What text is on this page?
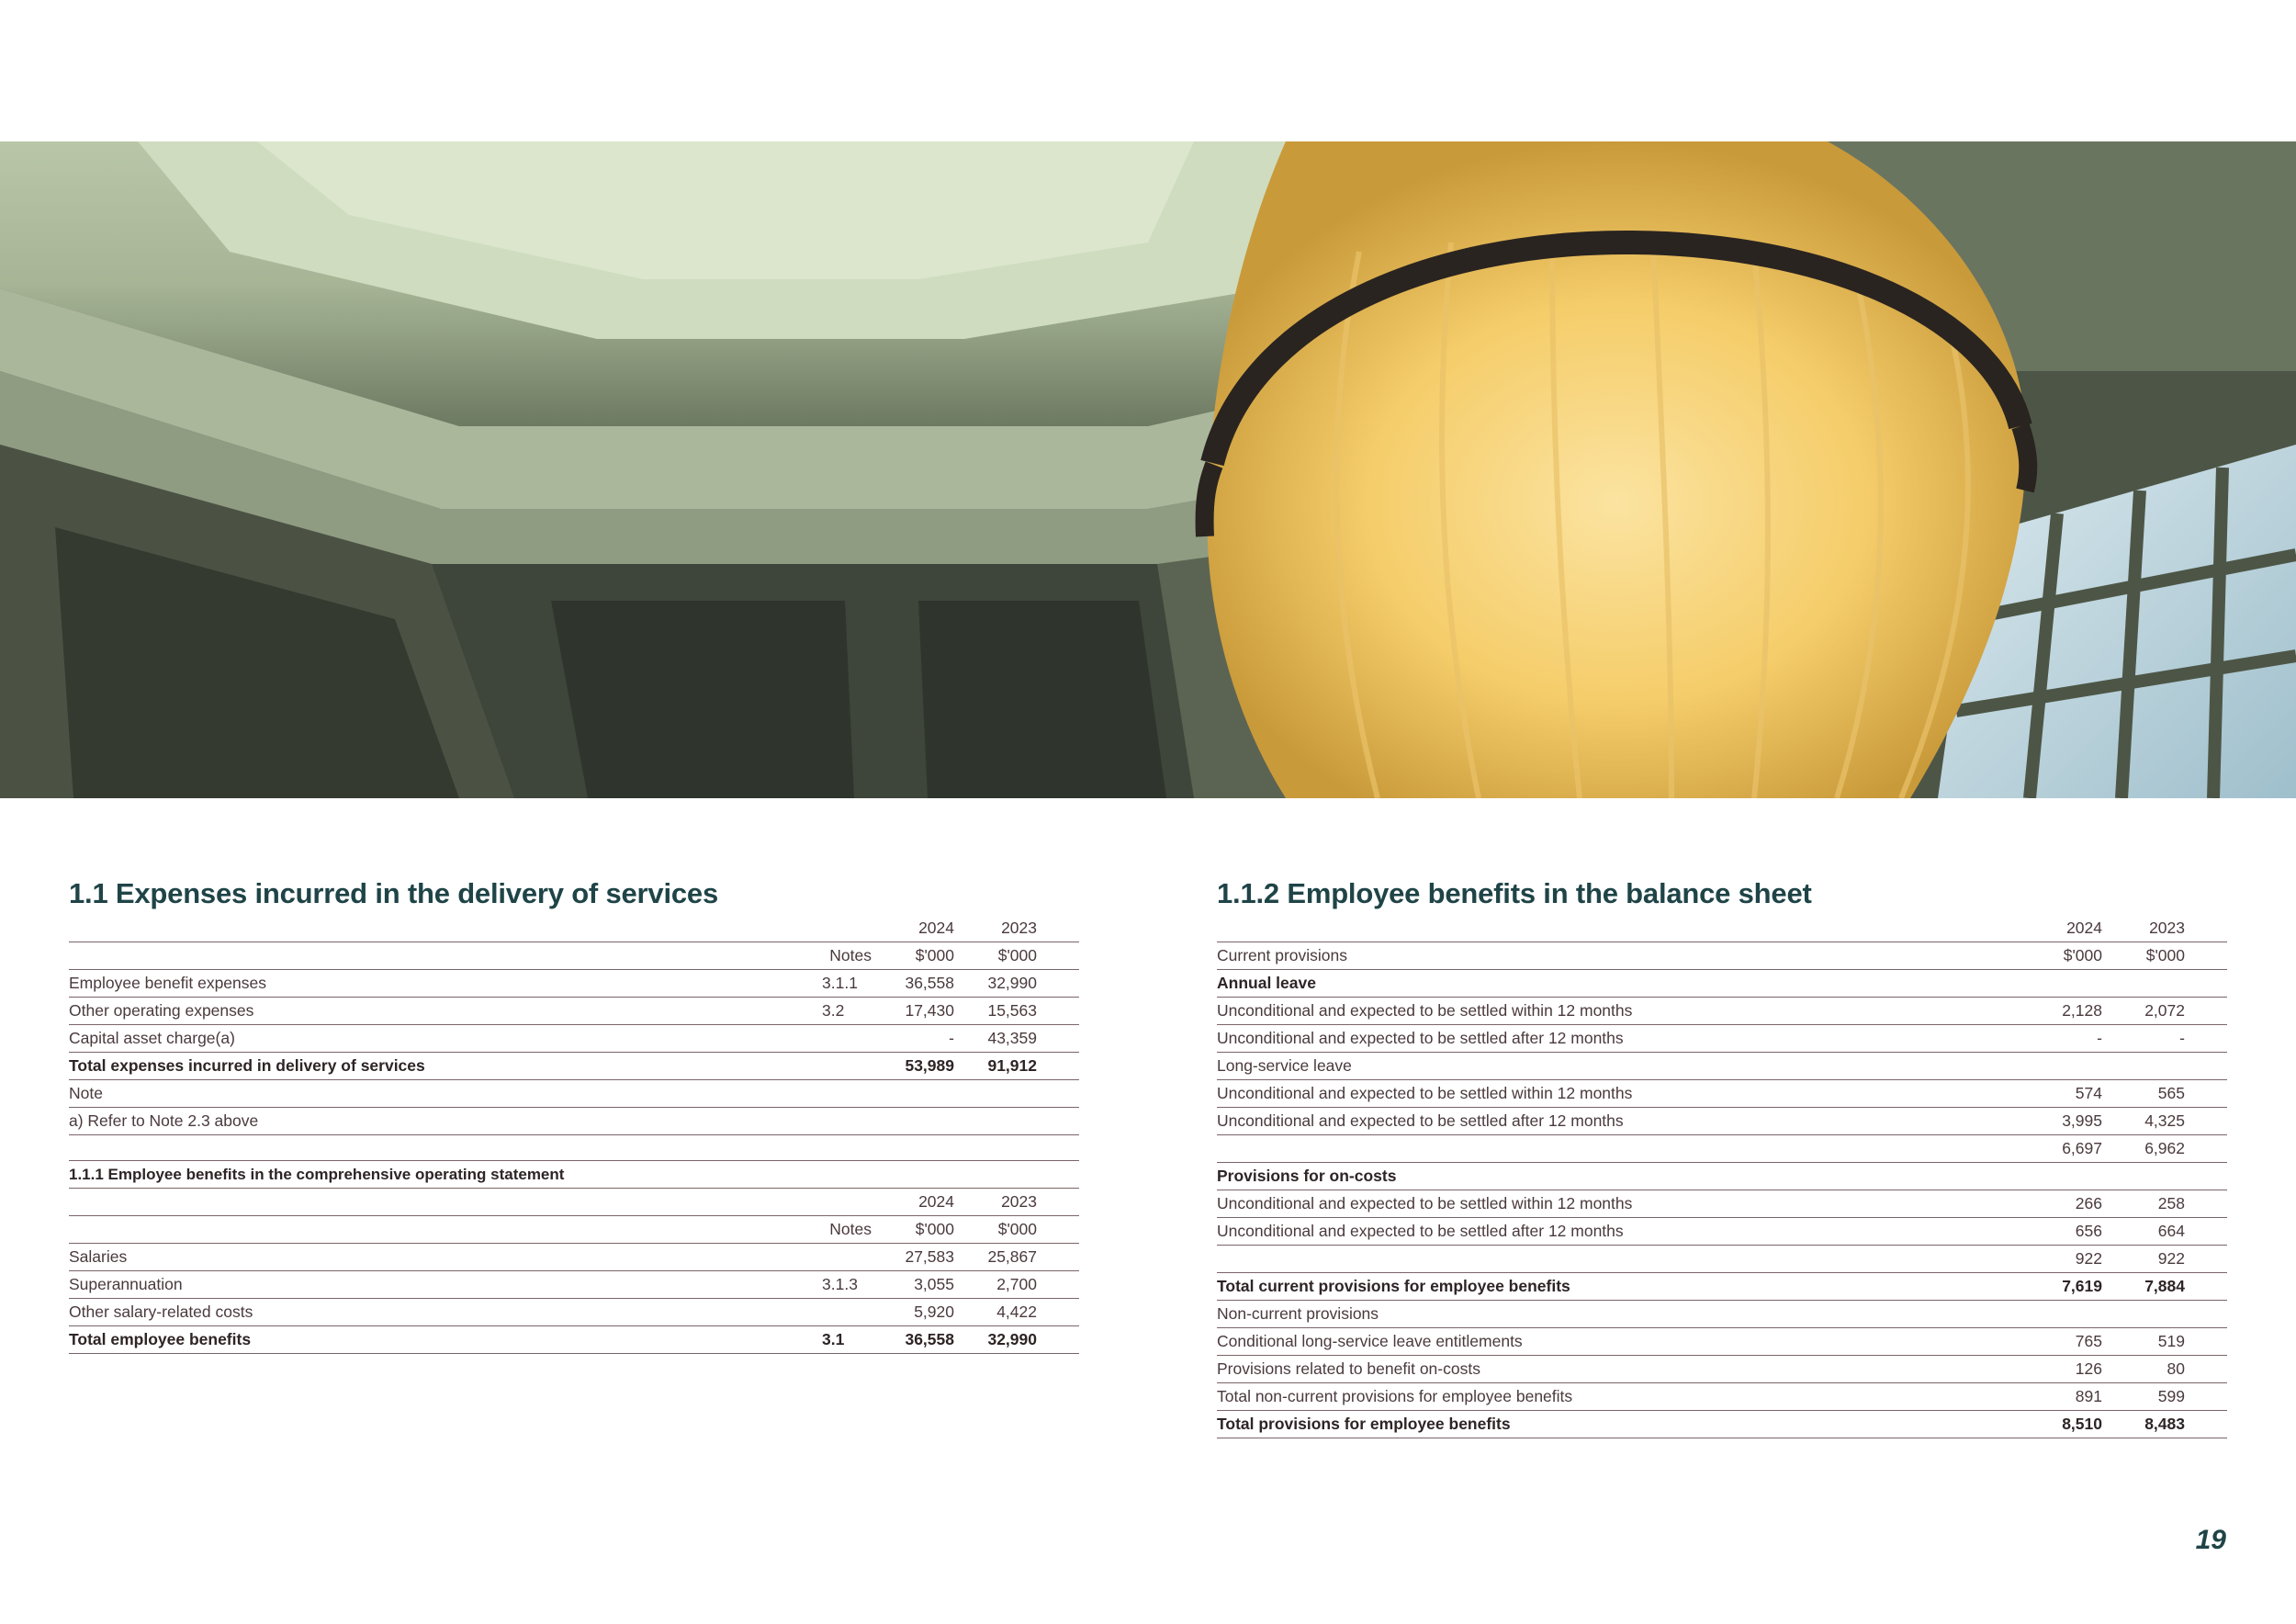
1.1 Expenses incurred in the delivery of services
		2024	2023	
	Notes	$'000	$'000	
Employee benefit expenses	3.1.1	36,558	32,990	
Other operating expenses	3.2	17,430	15,563	
Capital asset charge(a)		-	43,359	
Total expenses incurred in delivery of services		53,989	91,912	
Note				
a) Refer to Note 2.3 above				

1.1.1 Employee benefits in the comprehensive operating statement				
		2024	2023	
	Notes	$'000	$'000	
Salaries		27,583	25,867	
Superannuation	3.1.3	3,055	2,700	
Other salary-related costs		5,920	4,422	
Total employee benefits	3.1	36,558	32,990	
1.1.2 Employee benefits in the balance sheet
	2024	2023	
Current provisions	$'000	$'000	
Annual leave			
Unconditional and expected to be settled within 12 months	2,128	2,072	
Unconditional and expected to be settled after 12 months	-	-	
Long-service leave			
Unconditional and expected to be settled within 12 months	574	565	
Unconditional and expected to be settled after 12 months	3,995	4,325	
	6,697	6,962	
Provisions for on-costs			
Unconditional and expected to be settled within 12 months	266	258	
Unconditional and expected to be settled after 12 months	656	664	
	922	922	
Total current provisions for employee benefits	7,619	7,884	
Non-current provisions			
Conditional long-service leave entitlements	765	519	
Provisions related to benefit on-costs	126	80	
Total non-current provisions for employee benefits	891	599	
Total provisions for employee benefits	8,510	8,483	
19
